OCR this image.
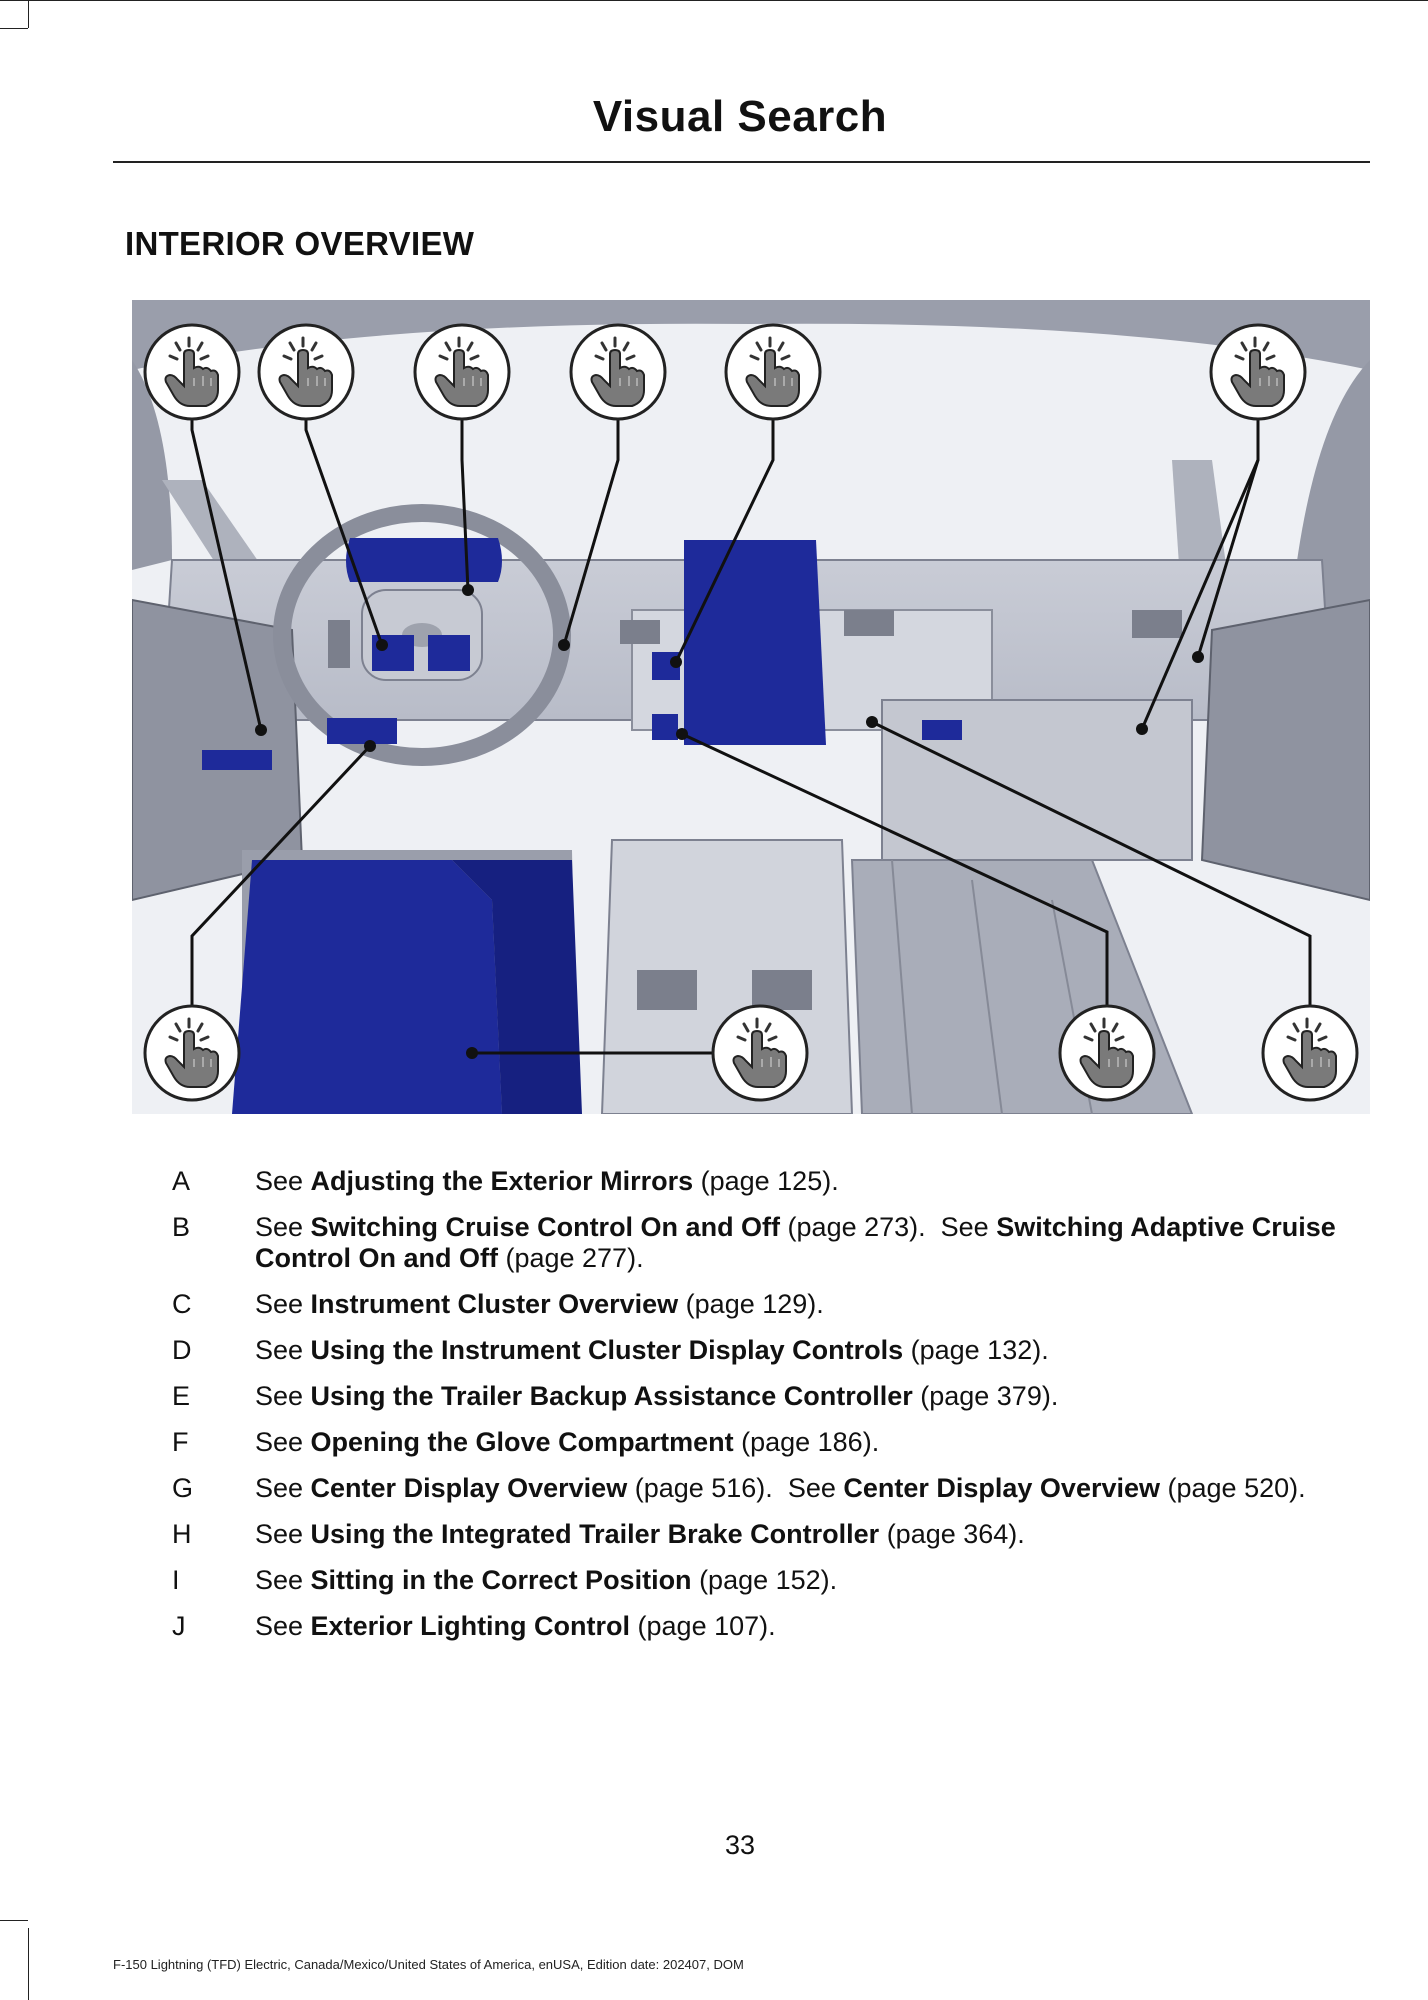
Visual Search
INTERIOR OVERVIEW
A	See Adjusting the Exterior Mirrors (page 125).
B	See Switching Cruise Control On and Off (page 273).  See Switching Adaptive Cruise Control On and Off (page 277).
C	See Instrument Cluster Overview (page 129).
D	See Using the Instrument Cluster Display Controls (page 132).
E	See Using the Trailer Backup Assistance Controller (page 379).
F	See Opening the Glove Compartment (page 186).
G	See Center Display Overview (page 516).  See Center Display Overview (page 520).
H	See Using the Integrated Trailer Brake Controller (page 364).
I	See Sitting in the Correct Position (page 152).
J	See Exterior Lighting Control (page 107).
33
F-150 Lightning (TFD) Electric, Canada/Mexico/United States of America, enUSA, Edition date: 202407, DOM
